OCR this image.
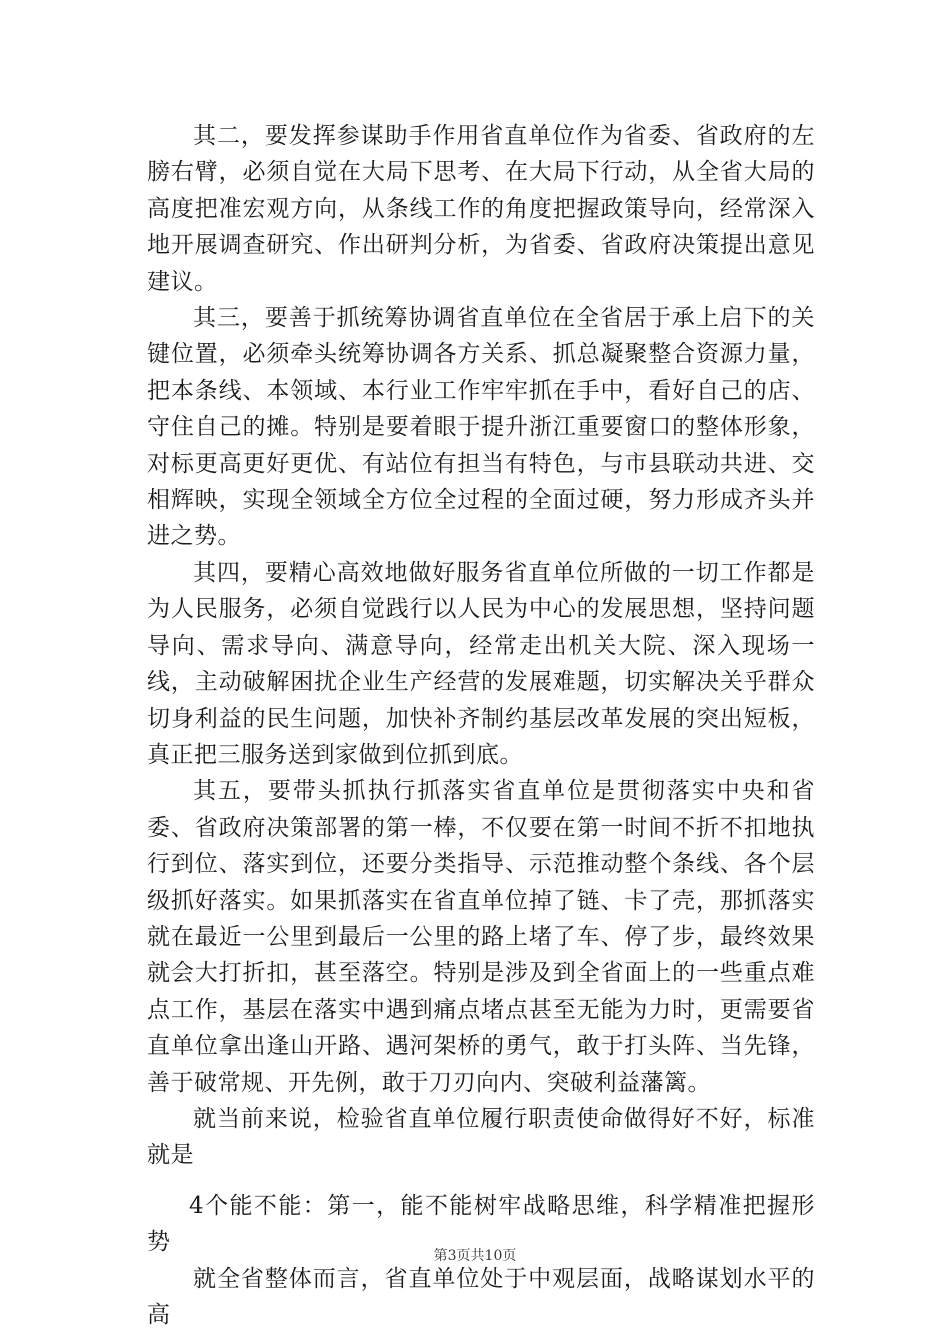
其二，要发挥参谋助手作用省直单位作为省委、省政府的左膀右臂，必须自觉在大局下思考、在大局下行动，从全省大局的高度把准宏观方向，从条线工作的角度把握政策导向，经常深入地开展调查研究、作出研判分析，为省委、省政府决策提出意见建议。

其三，要善于抓统筹协调省直单位在全省居于承上启下的关键位置，必须牵头统筹协调各方关系、抓总凝聚整合资源力量，把本条线、本领域、本行业工作牢牢抓在手中，看好自己的店、守住自己的摊。特别是要着眼于提升浙江重要窗口的整体形象，对标更高更好更优、有站位有担当有特色，与市县联动共进、交相辉映，实现全领域全方位全过程的全面过硬，努力形成齐头并进之势。

其四，要精心高效地做好服务省直单位所做的一切工作都是为人民服务，必须自觉践行以人民为中心的发展思想，坚持问题导向、需求导向、满意导向，经常走出机关大院、深入现场一线，主动破解困扰企业生产经营的发展难题，切实解决关乎群众切身利益的民生问题，加快补齐制约基层改革发展的突出短板，真正把三服务送到家做到位抓到底。

其五，要带头抓执行抓落实省直单位是贯彻落实中央和省委、省政府决策部署的第一棒，不仅要在第一时间不折不扣地执行到位、落实到位，还要分类指导、示范推动整个条线、各个层级抓好落实。如果抓落实在省直单位掉了链、卡了壳，那抓落实就在最近一公里到最后一公里的路上堵了车、停了步，最终效果就会大打折扣，甚至落空。特别是涉及到全省面上的一些重点难点工作，基层在落实中遇到痛点堵点甚至无能为力时，更需要省直单位拿出逢山开路、遇河架桥的勇气，敢于打头阵、当先锋，善于破常规、开先例，敢于刀刃向内、突破利益藩篱。

就当前来说，检验省直单位履行职责使命做得好不好，标准就是

4个能不能：第一，能不能树牢战略思维，科学精准把握形势

就全省整体而言，省直单位处于中观层面，战略谋划水平的高

第3页共10页
